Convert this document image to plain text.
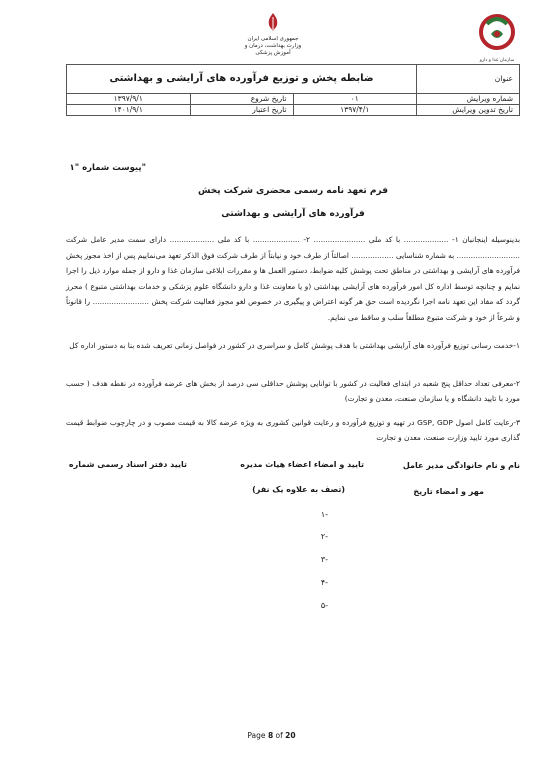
سازمان غذا و دارو
جمهوری اسلامی ایران
وزارت بهداشت، درمان و آموزش پزشکی
عنوان	ضابطه پخش و توزیع فرآورده های آرایشی و بهداشتی		
شماره ویرایش	۰۱	تاریخ شروع	۱۳۹۷/۹/۱
تاریخ تدوین ویرایش	۱۳۹۷/۴/۱	تاریخ اعتبار	۱۴۰۱/۹/۱
پیوست شماره "۱"
فرم تعهد نامه رسمی محضری شرکت پخش
فرآورده های آرایشی و بهداشتی
بدینوسیله اینجانبان ۱- ................... با کد ملی ...................... ۲- .................... با کد ملی ................... دارای سمت مدیر عامل شرکت ........................... به شماره شناسایی .................. اصالتاً از طرف خود و نیابتاً از طرف شرکت فوق الذکر تعهد می‌نماییم پس از اخذ مجوز پخش فرآورده های آرایشی و بهداشتی در مناطق تحت پوشش کلیه ضوابط، دستور العمل ها و مقررات ابلاغی سازمان غذا و دارو از جمله موارد ذیل را اجرا نمایم و چنانچه توسط اداره کل امور فرآورده های آرایشی بهداشتی (و یا معاونت غذا و دارو دانشگاه علوم پزشکی و خدمات بهداشتی متبوع ) محرز گردد که مفاد این تعهد نامه اجرا نگردیده است حق هر گونه اعتراض و پیگیری در خصوص لغو مجوز فعالیت شرکت پخش ........................ را قانوناً و شرعاً از خود و شرکت متبوع مطلقاً سلب و ساقط می نمایم.
۱-خدمت رسانی توزیع فرآورده های آرایشی بهداشتی با هدف پوشش کامل و سراسری در کشور در فواصل زمانی تعریف شده بنا به دستور اداره کل
۲-معرفی تعداد حداقل پنج شعبه در ابتدای فعالیت در کشور با توانایی پوشش حداقلی سی درصد از بخش های عرضه فرآورده در نقطه هدف ( حسب مورد با تایید دانشگاه و یا سازمان صنعت، معدن و تجارت)
۳-رعایت کامل اصول GSP, GDP در تهیه و توزیع فرآورده و رعایت قوانین کشوری به ویژه عرضه کالا به قیمت مصوب و در چارچوب ضوابط قیمت گذاری مورد تایید وزارت صنعت، معدن و تجارت
نام و نام خانوادگی مدیر عامل
مهر و امضاء تاریخ
تایید و امضاء اعضاء هیات مدیره
(تصف به علاوه یک نفر)
تایید دفتر اسناد رسمی شماره
-۱
-۲
-۳
-۴
-۵
Page 8 of 20
